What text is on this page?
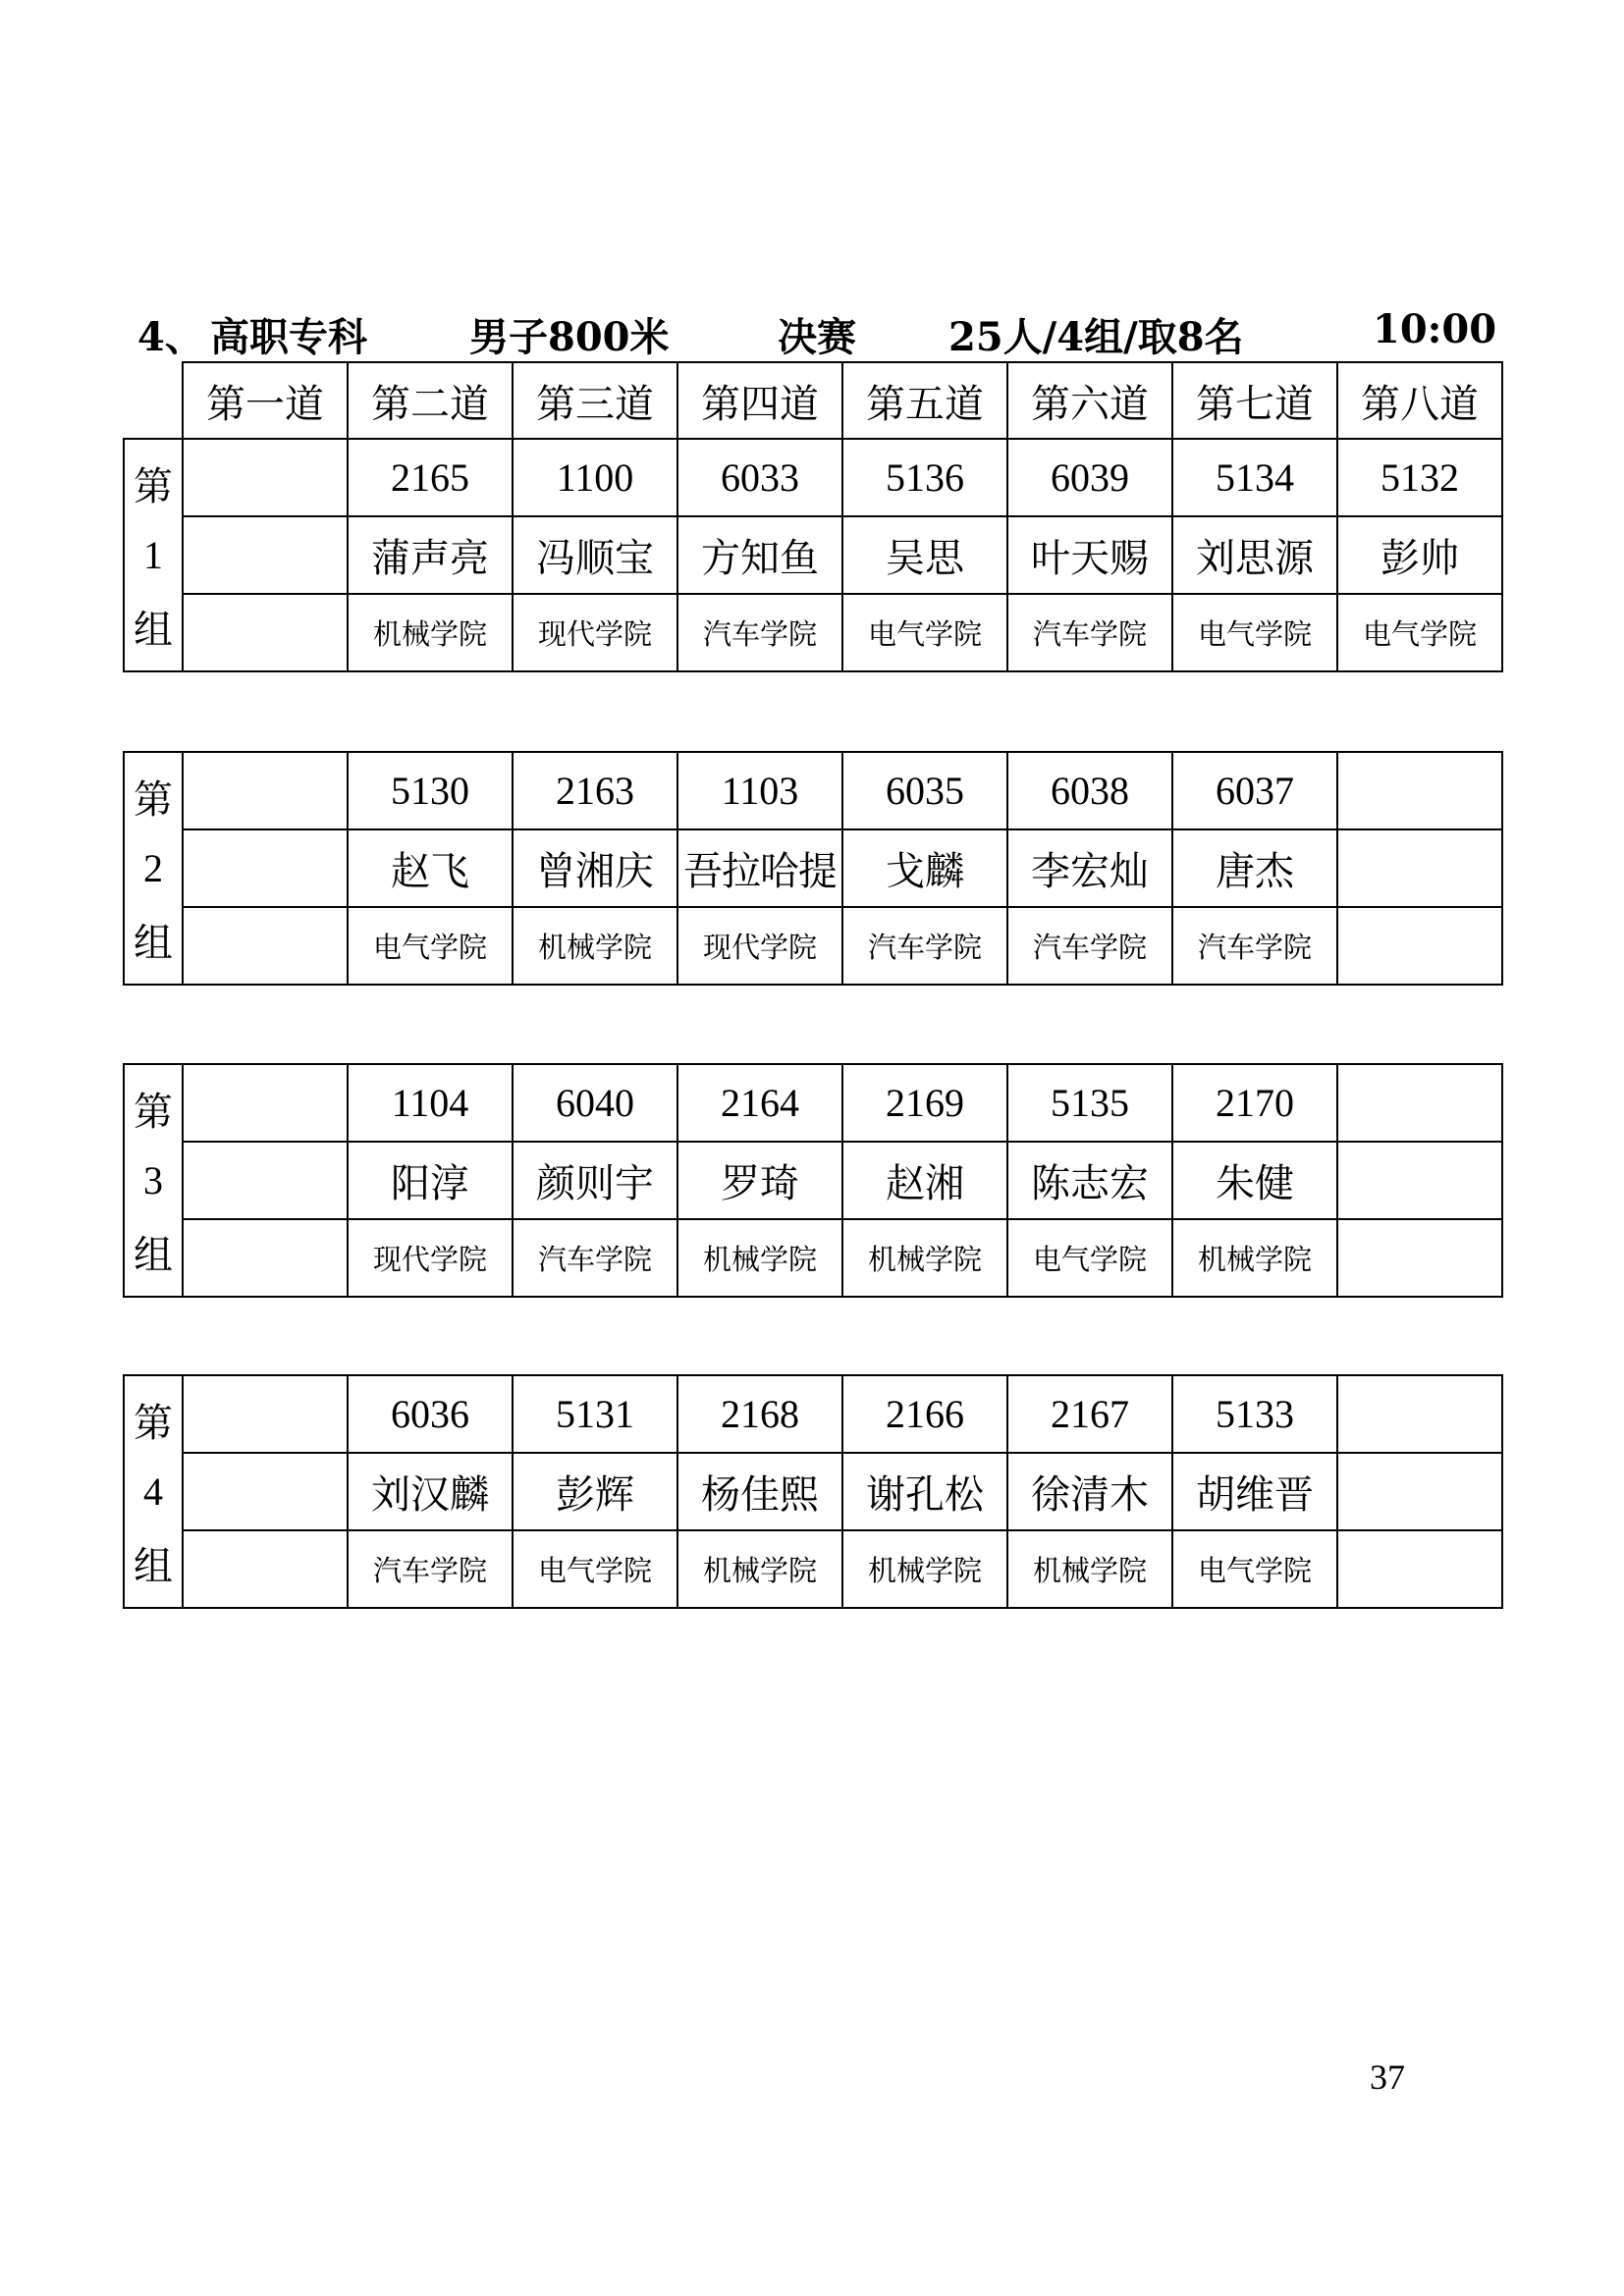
4、 高职专科	男子800米	决赛 25人/4组/取8名	10:00
	第一道	第二道	第三道	第四道	第五道	第六道	第七道	第八道

第
1
组		2165	1100	6033	5136	6039	5134	5132
		蒲声亮	冯顺宝	方知鱼	吴思	叶天赐	刘思源	彭帅
		机械学院	现代学院	汽车学院	电气学院	汽车学院	电气学院	电气学院
第
2
组		5130	2163	1103	6035	6038	6037	
		赵飞	曾湘庆	吾拉哈提	戈麟	李宏灿	唐杰	
		电气学院	机械学院	现代学院	汽车学院	汽车学院	汽车学院	
第
3
组		1104	6040	2164	2169	5135	2170	
		阳淳	颜则宇	罗琦	赵湘	陈志宏	朱健	
		现代学院	汽车学院	机械学院	机械学院	电气学院	机械学院	
第
4
组		6036	5131	2168	2166	2167	5133	
		刘汉麟	彭辉	杨佳熙	谢孔松	徐清木	胡维晋	
		汽车学院	电气学院	机械学院	机械学院	机械学院	电气学院	
37
